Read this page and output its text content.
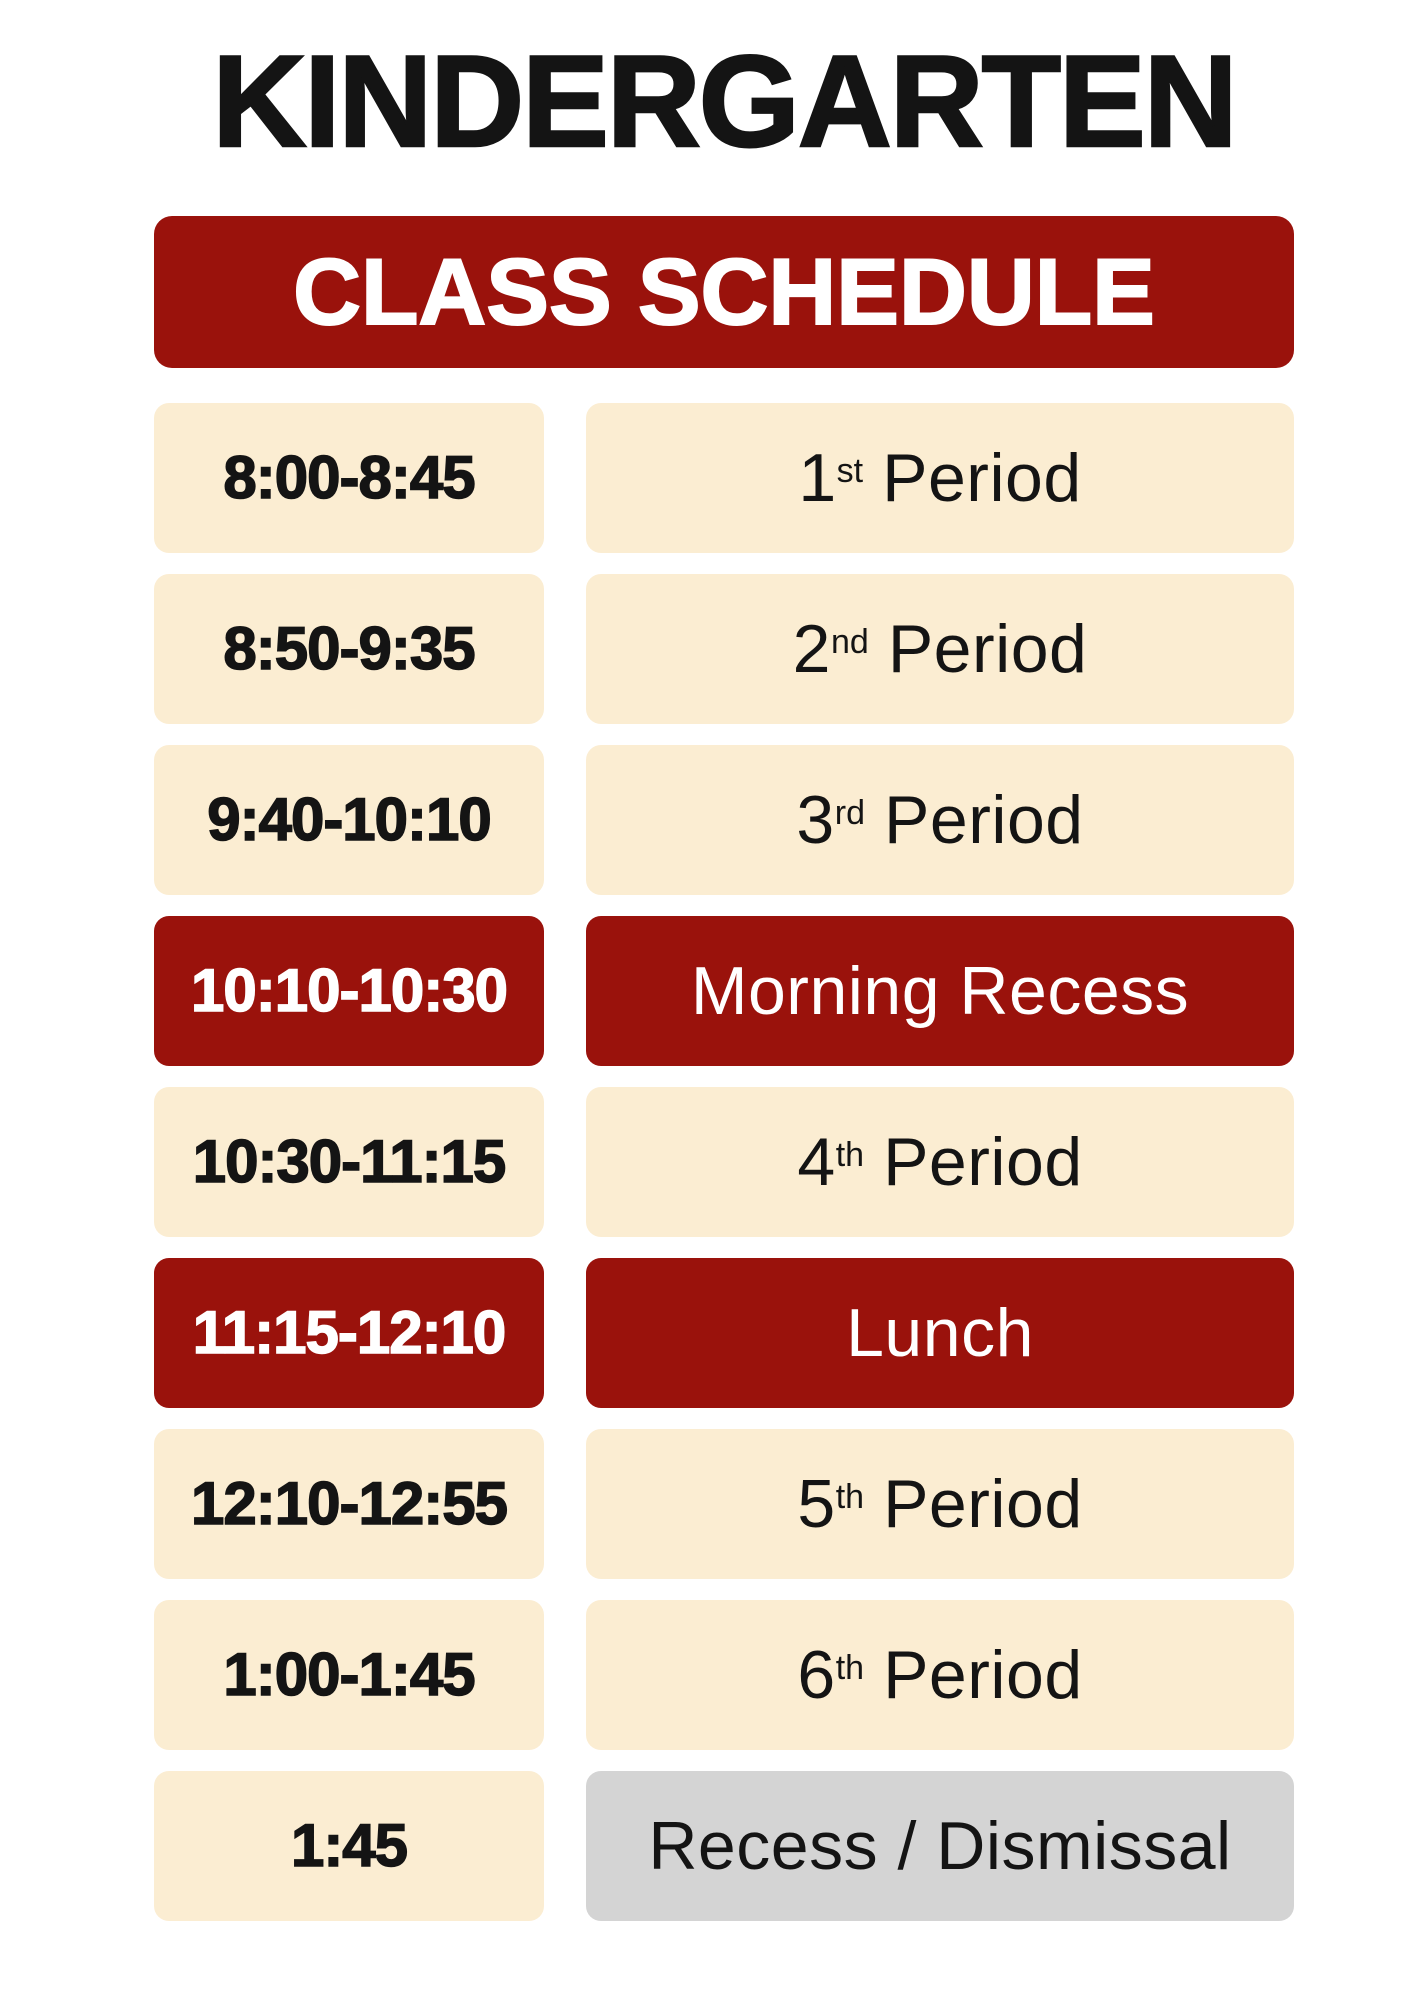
KINDERGARTEN
CLASS SCHEDULE
8:00-8:45	1st Period
8:50-9:35	2nd Period
9:40-10:10	3rd Period
10:10-10:30	Morning Recess
10:30-11:15	4th Period
11:15-12:10	Lunch
12:10-12:55	5th Period
1:00-1:45	6th Period
1:45	Recess / Dismissal
